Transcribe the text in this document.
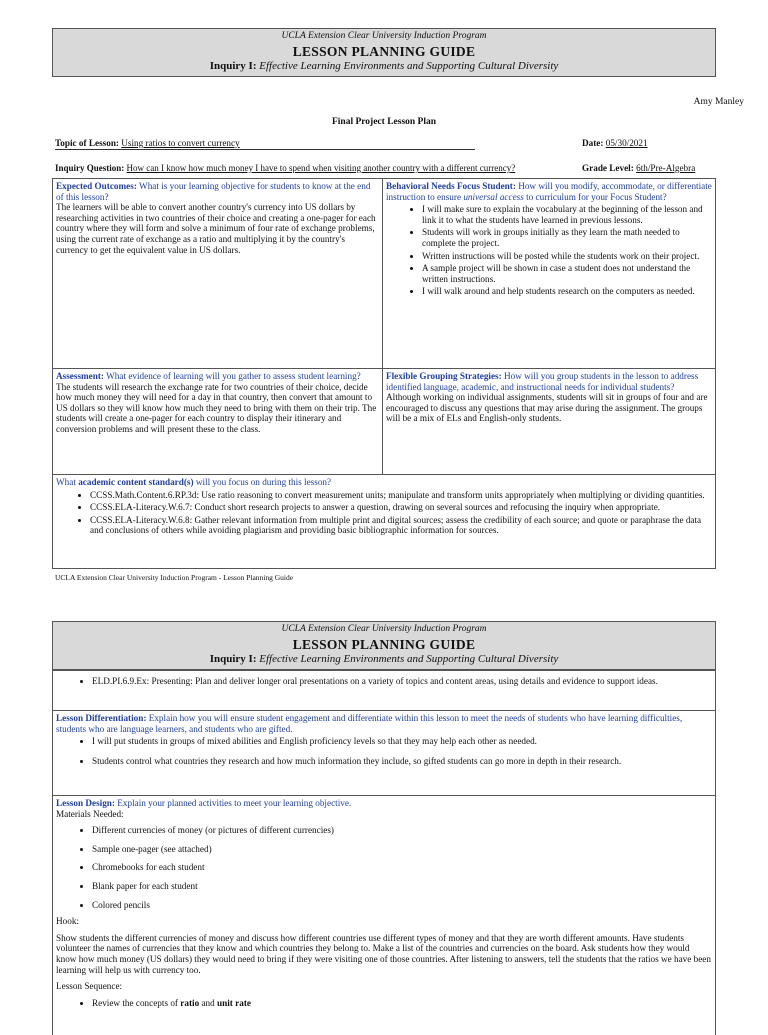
UCLA Extension Clear University Induction Program
LESSON PLANNING GUIDE
Inquiry I: Effective Learning Environments and Supporting Cultural Diversity
Amy Manley
Final Project Lesson Plan
Topic of Lesson: Using ratios to convert currency	Date: 05/30/2021
Inquiry Question: How can I know how much money I have to spend when visiting another country with a different currency?	Grade Level: 6th/Pre-Algebra
Expected Outcomes: What is your learning objective for students to know at the end of this lesson?
The learners will be able to convert another country's currency into US dollars by researching activities in two countries of their choice and creating a one-pager for each country where they will form and solve a minimum of four rate of exchange problems, using the current rate of exchange as a ratio and multiplying it by the country's currency to get the equivalent value in US dollars.
Behavioral Needs Focus Student: How will you modify, accommodate, or differentiate instruction to ensure universal access to curriculum for your Focus Student?
• I will make sure to explain the vocabulary at the beginning of the lesson and link it to what the students have learned in previous lessons.
• Students will work in groups initially as they learn the math needed to complete the project.
• Written instructions will be posted while the students work on their project.
• A sample project will be shown in case a student does not understand the written instructions.
• I will walk around and help students research on the computers as needed.
Assessment: What evidence of learning will you gather to assess student learning?
The students will research the exchange rate for two countries of their choice, decide how much money they will need for a day in that country, then convert that amount to US dollars so they will know how much they need to bring with them on their trip. The students will create a one-pager for each country to display their itinerary and conversion problems and will present these to the class.
Flexible Grouping Strategies: How will you group students in the lesson to address identified language, academic, and instructional needs for individual students?
Although working on individual assignments, students will sit in groups of four and are encouraged to discuss any questions that may arise during the assignment. The groups will be a mix of ELs and English-only students.
What academic content standard(s) will you focus on during this lesson?
• CCSS.Math.Content.6.RP.3d: Use ratio reasoning to convert measurement units; manipulate and transform units appropriately when multiplying or dividing quantities.
• CCSS.ELA-Literacy.W.6.7: Conduct short research projects to answer a question, drawing on several sources and refocusing the inquiry when appropriate.
• CCSS.ELA-Literacy.W.6.8: Gather relevant information from multiple print and digital sources; assess the credibility of each source; and quote or paraphrase the data and conclusions of others while avoiding plagiarism and providing basic bibliographic information for sources.
UCLA Extension Clear University Induction Program - Lesson Planning Guide
UCLA Extension Clear University Induction Program
LESSON PLANNING GUIDE
Inquiry I: Effective Learning Environments and Supporting Cultural Diversity
• ELD.PI.6.9.Ex: Presenting: Plan and deliver longer oral presentations on a variety of topics and content areas, using details and evidence to support ideas.
Lesson Differentiation: Explain how you will ensure student engagement and differentiate within this lesson to meet the needs of students who have learning difficulties, students who are language learners, and students who are gifted.
• I will put students in groups of mixed abilities and English proficiency levels so that they may help each other as needed.
• Students control what countries they research and how much information they include, so gifted students can go more in depth in their research.
Lesson Design: Explain your planned activities to meet your learning objective.
Materials Needed:
• Different currencies of money (or pictures of different currencies)
• Sample one-pager (see attached)
• Chromebooks for each student
• Blank paper for each student
• Colored pencils
Hook:
Show students the different currencies of money and discuss how different countries use different types of money and that they are worth different amounts. Have students volunteer the names of currencies that they know and which countries they belong to. Make a list of the countries and currencies on the board. Ask students how they would know how much money (US dollars) they would need to bring if they were visiting one of those countries. After listening to answers, tell the students that the ratios we have been learning will help us with currency too.
Lesson Sequence:
• Review the concepts of ratio and unit rate
